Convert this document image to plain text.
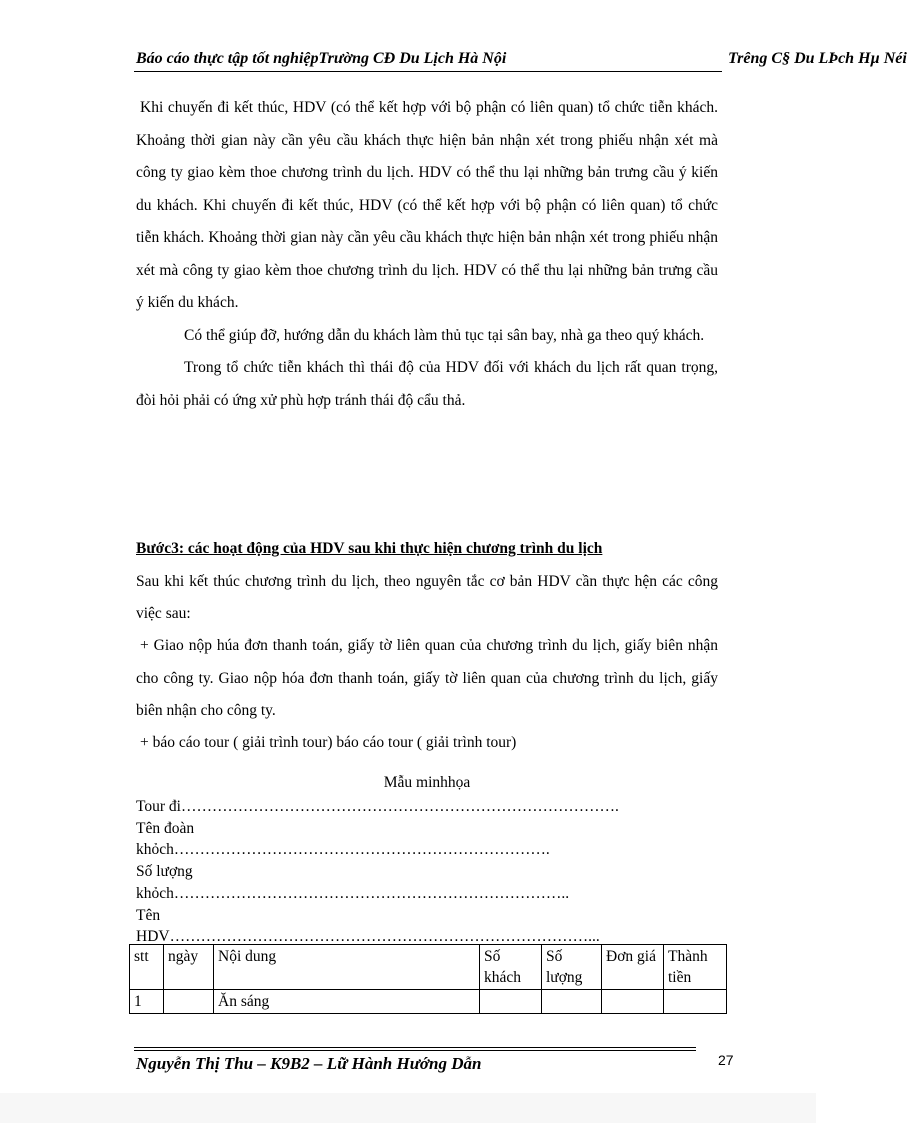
Báo cáo thực tập tốt nghiệpTrường CĐ Du Lịch Hà Nội	Trêng C§ Du LÞch Hµ Néi

Khi chuyến đi kết thúc, HDV (có thể kết hợp với bộ phận có liên quan) tổ chức tiễn khách. Khoảng thời gian này cần yêu cầu khách thực hiện bản nhận xét trong phiếu nhận xét mà công ty giao kèm thoe chương trình du lịch. HDV có thể thu lại những bản trưng cầu ý kiến du khách. Khi chuyến đi kết thúc, HDV (có thể kết hợp với bộ phận có liên quan) tổ chức tiễn khách. Khoảng thời gian này cần yêu cầu khách thực hiện bản nhận xét trong phiếu nhận xét mà công ty giao kèm thoe chương trình du lịch. HDV có thể thu lại những bản trưng cầu ý kiến du khách.

Có thể giúp đỡ, hướng dẫn du khách làm thủ tục tại sân bay, nhà ga theo quý khách.

Trong tổ chức tiễn khách thì thái độ của HDV đối với khách du lịch rất quan trọng, đòi hỏi phải có ứng xử phù hợp tránh thái độ cẩu thả.

Bước3: các hoạt động của HDV sau khi thực hiện chương trình du lịch

Sau khi kết thúc chương trình du lịch, theo nguyên tắc cơ bản HDV cần thực hện các công việc sau:

+ Giao nộp húa đơn thanh toán, giấy tờ liên quan của chương trình du lịch, giấy biên nhận cho công ty. Giao nộp hóa đơn thanh toán, giấy tờ liên quan của chương trình du lịch, giấy biên nhận cho công ty.

+ báo cáo tour ( giải trình tour) báo cáo tour ( giải trình tour)

Mẫu minhhọa
Tour đi………………………………………………………………………….
Tên đoàn
khỏch……………………………………………………………….
Số lượng
khỏch…………………………………………………………………..
Tên
HDV………………………………………………………………………...
stt	ngày	Nội dung	Số khách	Số lượng	Đơn giá	Thành tiền
1		Ăn sáng				
Nguyễn Thị Thu – K9B2 – Lữ Hành Hướng Dẫn	27
